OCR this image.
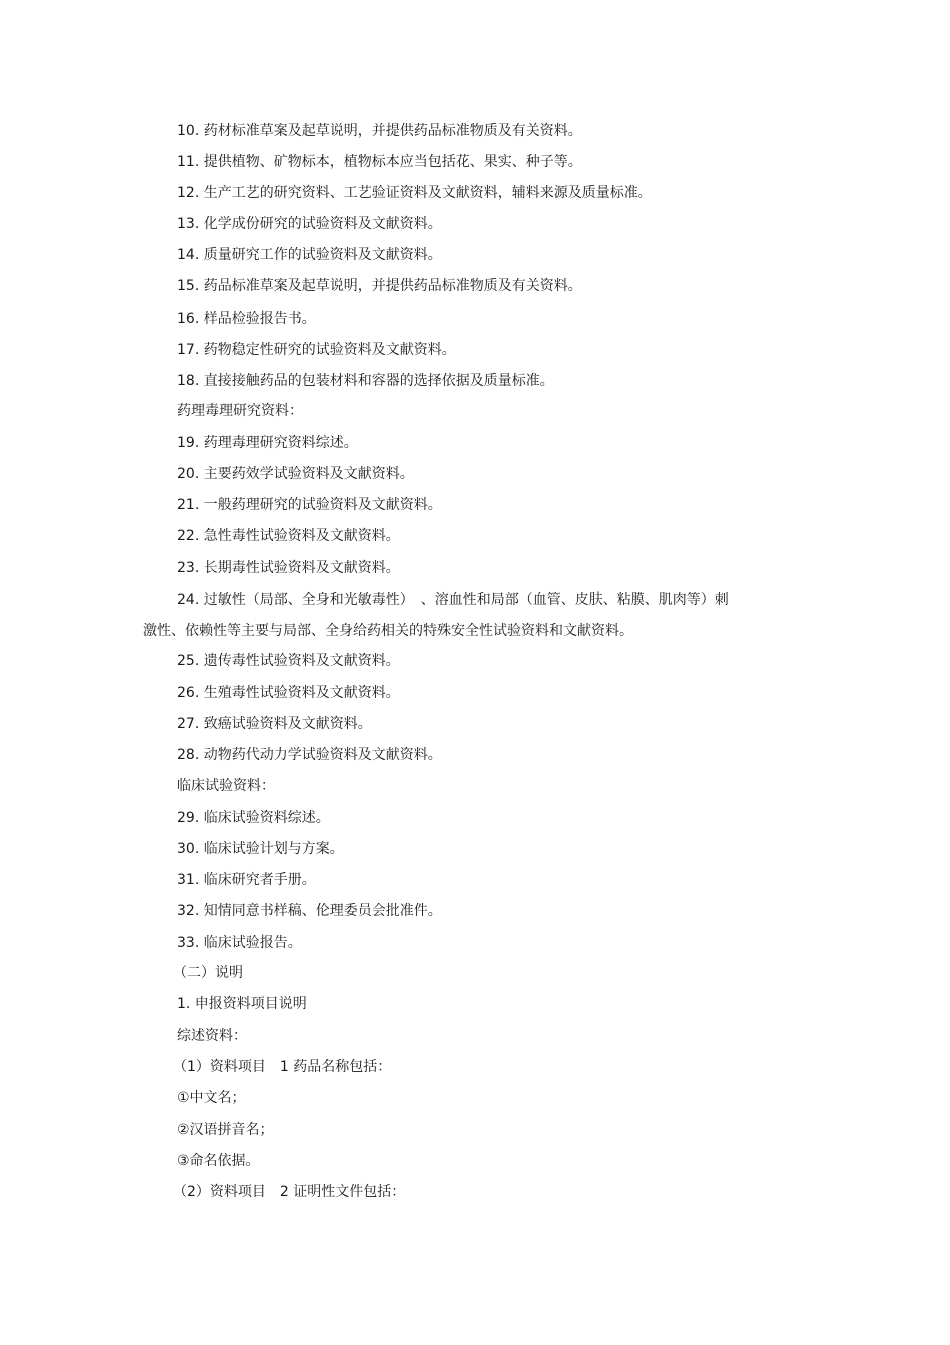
10. 药材标准草案及起草说明，并提供药品标准物质及有关资料。
11. 提供植物、矿物标本，植物标本应当包括花、果实、种子等。
12. 生产工艺的研究资料、工艺验证资料及文献资料，辅料来源及质量标准。
13. 化学成份研究的试验资料及文献资料。
14. 质量研究工作的试验资料及文献资料。
15. 药品标准草案及起草说明，并提供药品标准物质及有关资料。
16. 样品检验报告书。
17. 药物稳定性研究的试验资料及文献资料。
18. 直接接触药品的包装材料和容器的选择依据及质量标准。
药理毒理研究资料：
19. 药理毒理研究资料综述。
20. 主要药效学试验资料及文献资料。
21. 一般药理研究的试验资料及文献资料。
22. 急性毒性试验资料及文献资料。
23. 长期毒性试验资料及文献资料。
24. 过敏性（局部、全身和光敏毒性）　、溶血性和局部（血管、皮肤、粘膜、肌肉等）刺
激性、依赖性等主要与局部、全身给药相关的特殊安全性试验资料和文献资料。
25. 遗传毒性试验资料及文献资料。
26. 生殖毒性试验资料及文献资料。
27. 致癌试验资料及文献资料。
28. 动物药代动力学试验资料及文献资料。
临床试验资料：
29. 临床试验资料综述。
30. 临床试验计划与方案。
31. 临床研究者手册。
32. 知情同意书样稿、伦理委员会批准件。
33. 临床试验报告。
（二）说明
1. 申报资料项目说明
综述资料：
（1）资料项目　1 药品名称包括：
①中文名；
②汉语拼音名；
③命名依据。
（2）资料项目　2 证明性文件包括：
